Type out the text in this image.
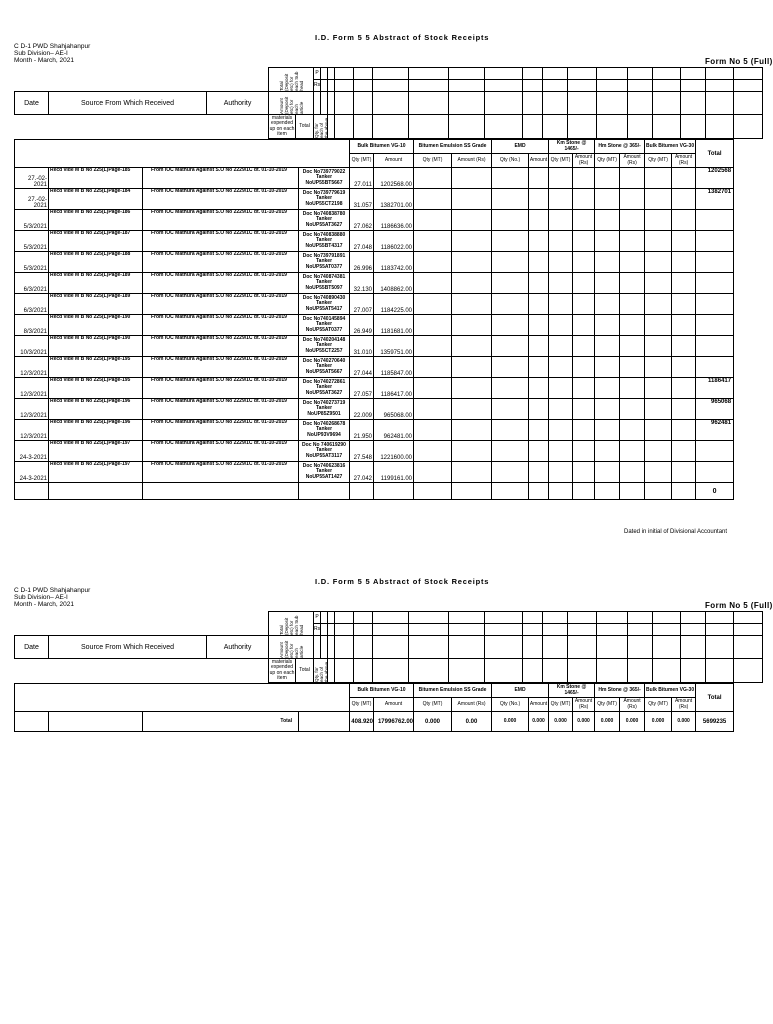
I.D. Form 5 5 Abstract of Stock Receipts
C D-1 PWD Shahjahanpur
Sub Division– AE-I
Month - March, 2021	Form No 5 (Full)

			Total (Deposit etc) for each Sub head		P																	
					Rs																	
Date	Source From Which Received	Authority	Amount (Deposit etc) for each article																			

			materials expended up on each item	Total	Qty. for each of the above																	

				Bulk Bitumen VG-10		Bitumen Emulsion SS Grade		EMD		Km Stone @ 1465/-		Hm Stone @ 365/-		Bulk Bitumen VG-30		Total	
				Qty (MT)	Amount	Qty (MT)	Amount (Rs)	Qty (No.)	Amount	Qty (MT)	Amount (Rs)	Qty (MT)	Amount (Rs)	Qty (MT)	Amount (Rs)		
27.-02-2021	Recd vide M B No 225(L)Page-185	From IOC Mathura Against S.O No 2229/1C dt. 01-10-2019	Doc No739779022 Tanker NoUP55BT5667	27.011	1202568.00											1202568	
27.-02-2021	Recd vide M B No 225(L)Page-184	From IOC Mathura Against S.O No 2229/1C dt. 01-10-2019	Doc No739779619 Tanker NoUP55CT2198	31.057	1382701.00											1382701	
5/3/2021	Recd vide M B No 225(L)Page-186	From IOC Mathura Against S.O No 2229/1C dt. 01-10-2019	Doc No740838780 Tanker NoUP55AT3627	27.062	1186636.00												
5/3/2021	Recd vide M B No 225(L)Page-187	From IOC Mathura Against S.O No 2229/1C dt. 01-10-2019	Doc No740838880 Tanker NoUP55BT4317	27.048	1186022.00												
5/3/2021	Recd vide M B No 225(L)Page-188	From IOC Mathura Against S.O No 2229/1C dt. 01-10-2019	Doc No739791891 Tanker NoUP55AT0377	26.996	1183742.00												
6/3/2021	Recd vide M B No 225(L)Page-189	From IOC Mathura Against S.O No 2229/1C dt. 01-10-2019	Doc No740874381 Tanker NoUP55BT5097	32.130	1408862.00												
6/3/2021	Recd vide M B No 225(L)Page-189	From IOC Mathura Against S.O No 2229/1C dt. 01-10-2019	Doc No740890430 Tanker NoUP55AT5417	27.007	1184225.00												
8/3/2021	Recd vide M B No 225(L)Page-190	From IOC Mathura Against S.O No 2229/1C dt. 01-10-2019	Doc No740145894 Tanker NoUP55AT0377	26.949	1181681.00												
10/3/2021	Recd vide M B No 225(L)Page-190	From IOC Mathura Against S.O No 2229/1C dt. 01-10-2019	Doc No740204148 Tanker NoUP55CT2257	31.010	1359751.00												
12/3/2021	Recd vide M B No 225(L)Page-195	From IOC Mathura Against S.O No 2229/1C dt. 01-10-2019	Doc No740270640 Tanker NoUP55AT5667	27.044	1185847.00												
12/3/2021	Recd vide M B No 225(L)Page-195	From IOC Mathura Against S.O No 2229/1C dt. 01-10-2019	Doc No740272861 Tanker NoUP55AT3627	27.057	1186417.00											1186417	
12/3/2021	Recd vide M B No 225(L)Page-196	From IOC Mathura Against S.O No 2229/1C dt. 01-10-2019	Doc No740273719 Tanker NoUP85Z9501	22.009	965068.00											965068	
12/3/2021	Recd vide M B No 225(L)Page-196	From IOC Mathura Against S.O No 2229/1C dt. 01-10-2019	Doc No740268678 Tanker NoUP93V9694	21.950	962481.00											962481	
24-3-2021	Recd vide M B No 225(L)Page-197	From IOC Mathura Against S.O No 2229/1C dt. 01-10-2019	Doc No 740619290 Tanker NoUP55AT3117	27.548	1221600.00												
24-3-2021	Recd vide M B No 225(L)Page-197	From IOC Mathura Against S.O No 2229/1C dt. 01-10-2019	Doc No740623816 Tanker NoUP55AT1427	27.042	1199161.00												
																0	
Dated in initial of Divisional Accountant
I.D. Form 5 5 Abstract of Stock Receipts
C D-1 PWD Shahjahanpur
Sub Division– AE-I
Month - March, 2021	Form No 5 (Full)

			Total (Deposit etc) for each Sub head		P																	
					Rs																	
Date	Source From Which Received	Authority	Amount (Deposit etc) for each article																			

			materials expended up on each item	Total	Qty. for each of the above																	

				Bulk Bitumen VG-10		Bitumen Emulsion SS Grade		EMD		Km Stone @ 1465/-		Hm Stone @ 365/-		Bulk Bitumen VG-30		Total	
				Qty (MT)	Amount	Qty (MT)	Amount (Rs)	Qty (No.)	Amount	Qty (MT)	Amount (Rs)	Qty (MT)	Amount (Rs)	Qty (MT)	Amount (Rs)		
		Total		408.920	17996762.00	0.000	0.00	0.000	0.000	0.000	0.000	0.000	0.000	0.000	0.000	5699235	
